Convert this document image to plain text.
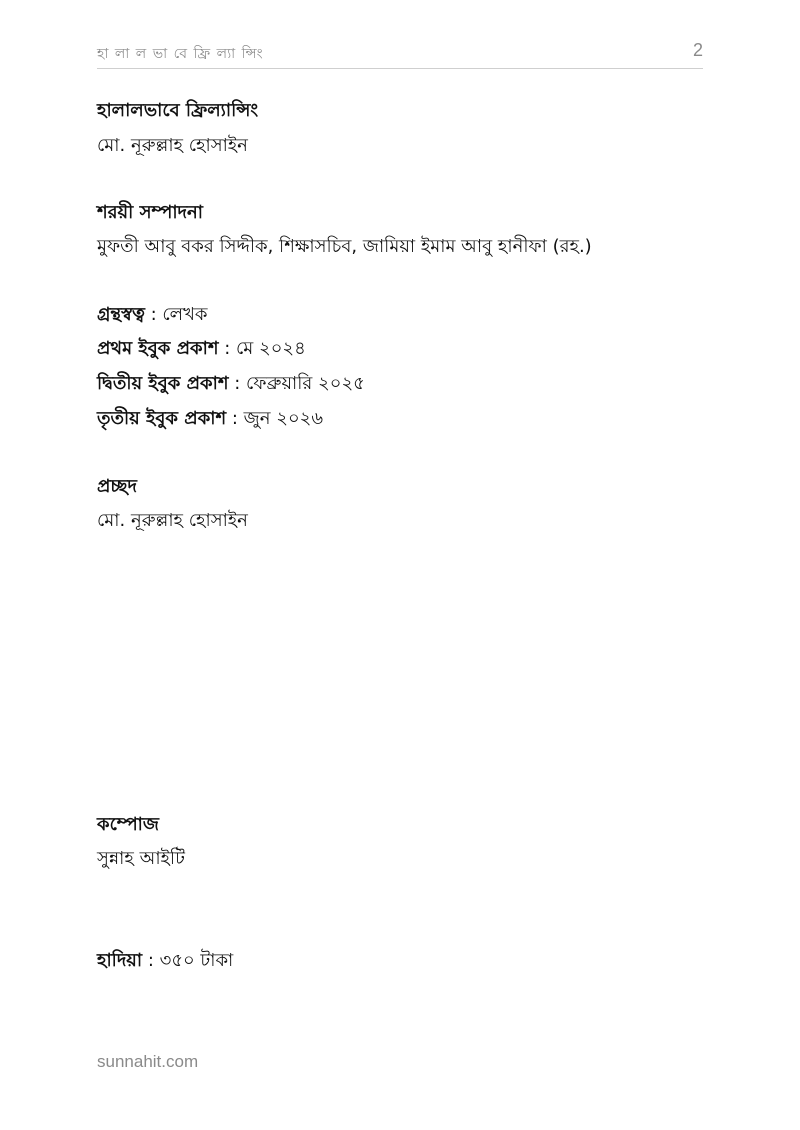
হা লা ল ভা বে ফ্রি ল্যা ন্সিং	2
হালালভাবে ফ্রিল্যান্সিং
মো. নূরুল্লাহ হোসাইন
শরয়ী সম্পাদনা
মুফতী আবু বকর সিদ্দীক, শিক্ষাসচিব, জামিয়া ইমাম আবু হানীফা (রহ.)
গ্রন্থস্বত্ব : লেখক
প্রথম ইবুক প্রকাশ : মে ২০২৪
দ্বিতীয় ইবুক প্রকাশ : ফেব্রুয়ারি ২০২৫
তৃতীয় ইবুক প্রকাশ : জুন ২০২৬
প্রচ্ছদ
মো. নূরুল্লাহ হোসাইন
কম্পোজ
সুন্নাহ আইটি
হাদিয়া : ৩৫০ টাকা
sunnahit.com
